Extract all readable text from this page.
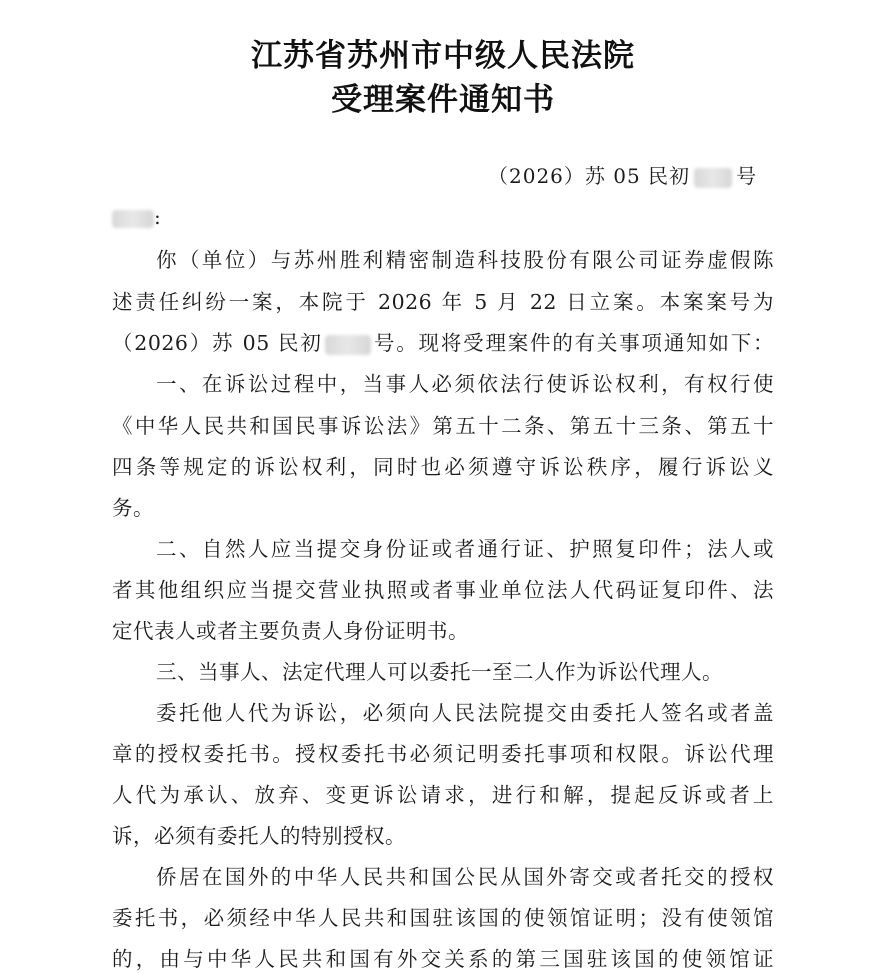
江苏省苏州市中级人民法院
受理案件通知书
（2026）苏 05 民初 号
:
你（单位）与苏州胜利精密制造科技股份有限公司证券虚假陈
述责任纠纷一案，本院于 2026 年 5 月 22 日立案。本案案号为
（2026）苏 05 民初 号。现将受理案件的有关事项通知如下：
一、在诉讼过程中，当事人必须依法行使诉讼权利，有权行使
《中华人民共和国民事诉讼法》第五十二条、第五十三条、第五十
四条等规定的诉讼权利，同时也必须遵守诉讼秩序，履行诉讼义
务。
二、自然人应当提交身份证或者通行证、护照复印件；法人或
者其他组织应当提交营业执照或者事业单位法人代码证复印件、法
定代表人或者主要负责人身份证明书。
三、当事人、法定代理人可以委托一至二人作为诉讼代理人。
委托他人代为诉讼，必须向人民法院提交由委托人签名或者盖
章的授权委托书。授权委托书必须记明委托事项和权限。诉讼代理
人代为承认、放弃、变更诉讼请求，进行和解，提起反诉或者上
诉，必须有委托人的特别授权。
侨居在国外的中华人民共和国公民从国外寄交或者托交的授权
委托书，必须经中华人民共和国驻该国的使领馆证明；没有使领馆
的，由与中华人民共和国有外交关系的第三国驻该国的使领馆证
